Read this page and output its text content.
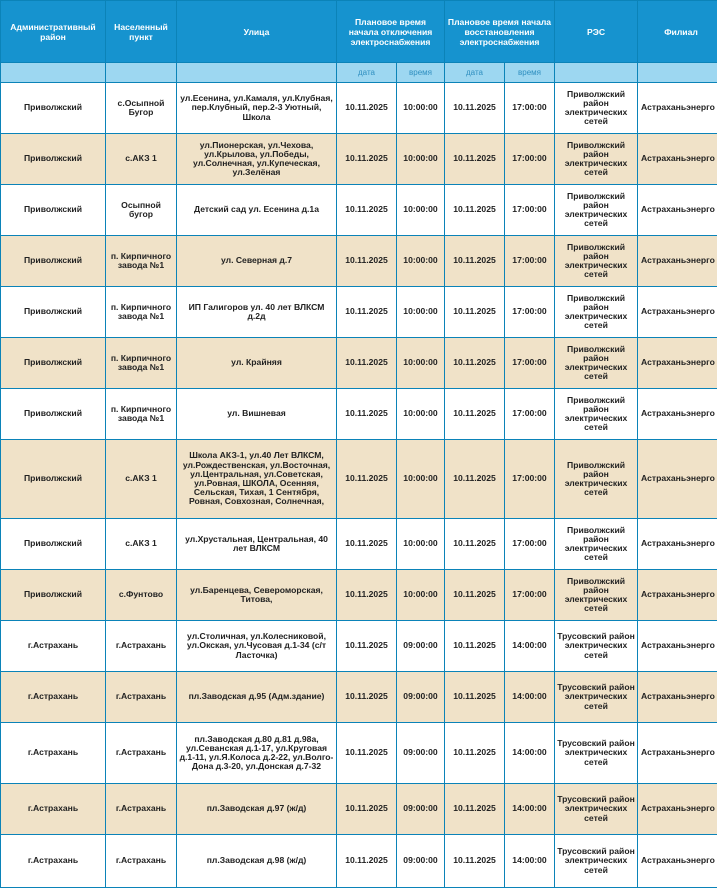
Административный район	Населенный пункт	Улица	Плановое время начала отключения электроснабжения		Плановое время начала восстановления электроснабжения		РЭС	Филиал
			дата	время	дата	время		
Приволжский	с.Осыпной Бугор	ул.Есенина, ул.Камаля, ул.Клубная, пер.Клубный, пер.2-3 Уютный, Школа	10.11.2025	10:00:00	10.11.2025	17:00:00	Приволжский район электрических сетей	Астраханьэнерго
Приволжский	с.АКЗ 1	ул.Пионерская, ул.Чехова, ул.Крылова, ул.Победы, ул.Солнечная, ул.Купеческая, ул.Зелёная	10.11.2025	10:00:00	10.11.2025	17:00:00	Приволжский район электрических сетей	Астраханьэнерго
Приволжский	Осыпной бугор	Детский сад ул. Есенина д.1а	10.11.2025	10:00:00	10.11.2025	17:00:00	Приволжский район электрических сетей	Астраханьэнерго
Приволжский	п. Кирпичного завода №1	ул. Северная д.7	10.11.2025	10:00:00	10.11.2025	17:00:00	Приволжский район электрических сетей	Астраханьэнерго
Приволжский	п. Кирпичного завода №1	ИП Галигоров ул. 40 лет ВЛКСМ д.2д	10.11.2025	10:00:00	10.11.2025	17:00:00	Приволжский район электрических сетей	Астраханьэнерго
Приволжский	п. Кирпичного завода №1	ул. Крайняя	10.11.2025	10:00:00	10.11.2025	17:00:00	Приволжский район электрических сетей	Астраханьэнерго
Приволжский	п. Кирпичного завода №1	ул. Вишневая	10.11.2025	10:00:00	10.11.2025	17:00:00	Приволжский район электрических сетей	Астраханьэнерго
Приволжский	с.АКЗ 1	Школа АКЗ-1, ул.40 Лет ВЛКСМ, ул.Рождественская, ул.Восточная, ул.Центральная, ул.Советская, ул.Ровная, ШКОЛА, Осенняя, Сельская, Тихая, 1 Сентября, Ровная, Совхозная, Солнечная,	10.11.2025	10:00:00	10.11.2025	17:00:00	Приволжский район электрических сетей	Астраханьэнерго
Приволжский	с.АКЗ 1	ул.Хрустальная, Центральная, 40 лет ВЛКСМ	10.11.2025	10:00:00	10.11.2025	17:00:00	Приволжский район электрических сетей	Астраханьэнерго
Приволжский	с.Фунтово	ул.Баренцева, Североморская, Титова,	10.11.2025	10:00:00	10.11.2025	17:00:00	Приволжский район электрических сетей	Астраханьэнерго
г.Астрахань	г.Астрахань	ул.Столичная, ул.Колесниковой, ул.Окская, ул.Чусовая д.1-34 (с/т Ласточка)	10.11.2025	09:00:00	10.11.2025	14:00:00	Трусовский район электрических сетей	Астраханьэнерго
г.Астрахань	г.Астрахань	пл.Заводская д.95 (Адм.здание)	10.11.2025	09:00:00	10.11.2025	14:00:00	Трусовский район электрических сетей	Астраханьэнерго
г.Астрахань	г.Астрахань	пл.Заводская д.80 д.81 д.98а, ул.Севанская д.1-17, ул.Круговая д.1-11, ул.Я.Колоса д.2-22, ул.Волго-Дона д.3-20, ул.Донская д.7-32	10.11.2025	09:00:00	10.11.2025	14:00:00	Трусовский район электрических сетей	Астраханьэнерго
г.Астрахань	г.Астрахань	пл.Заводская д.97 (ж/д)	10.11.2025	09:00:00	10.11.2025	14:00:00	Трусовский район электрических сетей	Астраханьэнерго
г.Астрахань	г.Астрахань	пл.Заводская д.98 (ж/д)	10.11.2025	09:00:00	10.11.2025	14:00:00	Трусовский район электрических сетей	Астраханьэнерго
